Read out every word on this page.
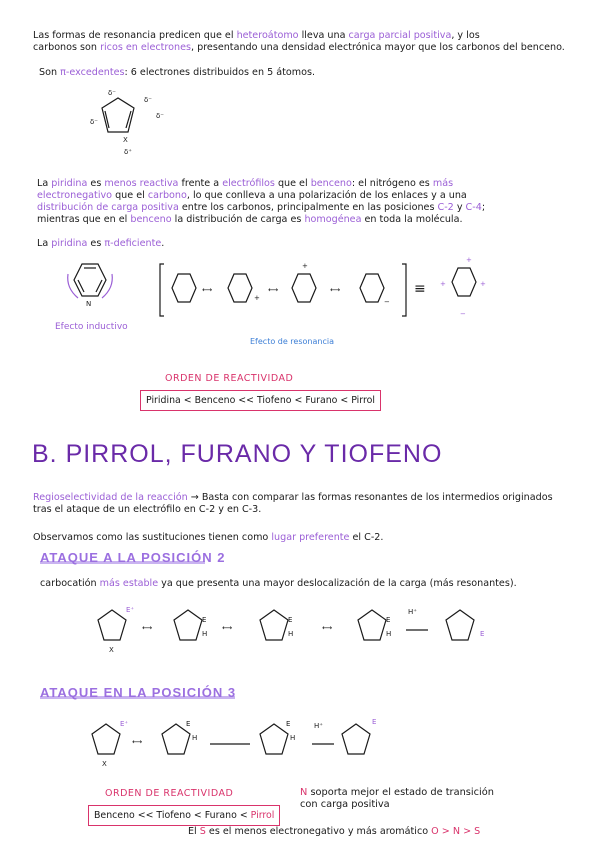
Las formas de resonancia predicen que el heteroátomo lleva una carga parcial positiva, y los
carbonos son ricos en electrones, presentando una densidad electrónica mayor que los carbonos del benceno.
Son π-excedentes: 6 electrones distribuidos en 5 átomos.
δ⁻
δ⁻
δ⁻
δ⁻
X
δ⁺
La piridina es menos reactiva frente a electrófilos que el benceno: el nitrógeno es más
electronegativo que el carbono, lo que conlleva a una polarización de los enlaces y a una
distribución de carga positiva entre los carbonos, principalmente en las posiciones C-2 y C-4;
mientras que en el benceno la distribución de carga es homogénea en toda la molécula.
La piridina es π-deficiente.
N
Efecto inductivo
⟷
+
⟷
+
⟷
−
≡
+
+	+
−
Efecto de resonancia
ORDEN DE REACTIVIDAD
Piridina < Benceno << Tiofeno < Furano < Pirrol
B. PIRROL, FURANO Y TIOFENO
Regioselectividad de la reacción → Basta con comparar las formas resonantes de los intermedios originados
tras el ataque de un electrófilo en C-2 y en C-3.
Observamos como las sustituciones tienen como lugar preferente el C-2.
ATAQUE A LA POSICIÓN 2
carbocatión más estable ya que presenta una mayor deslocalización de la carga (más resonantes).
E⁺
X
⟷
E
H
⟷
E
H
⟷
E
H
H⁺
E
ATAQUE EN LA POSICIÓN 3
E⁺
X
⟷
E
H
E
H
H⁺	E
ORDEN DE REACTIVIDAD
Benceno << Tiofeno < Furano < Pirrol
N soporta mejor el estado de transición
con carga positiva
El S es el menos electronegativo y más aromático O > N > S
